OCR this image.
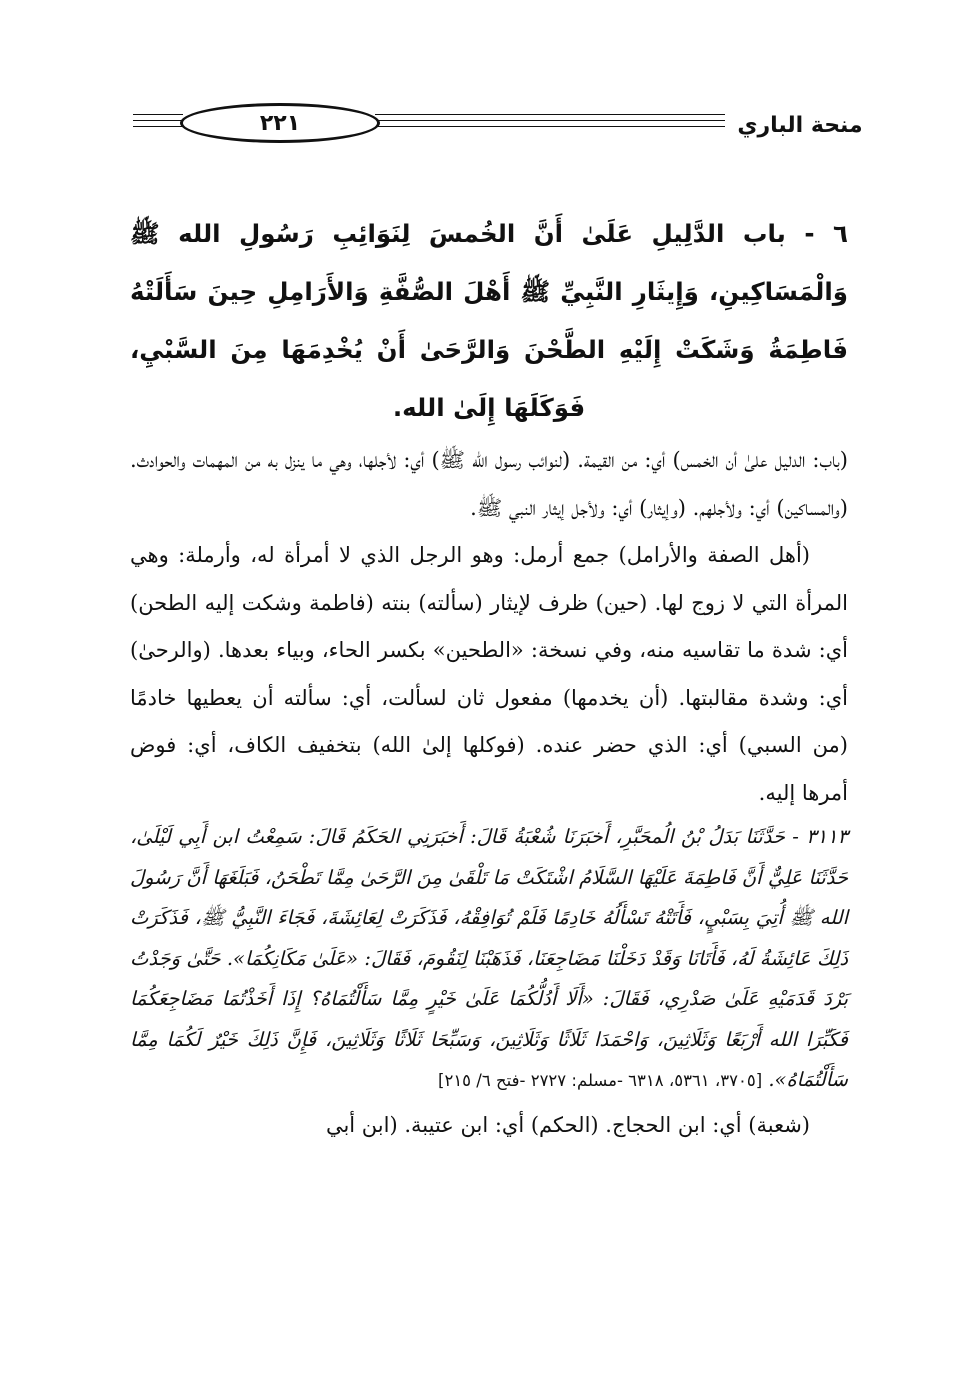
٢٢١	منحة الباري

٦ - باب الدَّلِيلِ عَلَىٰ أَنَّ الخُمسَ لِنَوَائِبِ رَسُولِ الله ﷺ وَالْمَسَاكِينِ، وَإِيثَارِ النَّبِيِّ ﷺ أَهْلَ الصُّفَّةِ وَالأَرَامِلِ حِينَ سَأَلَتْهُ فَاطِمَةُ وَشَكَتْ إِلَيْهِ الطَّحْنَ وَالرَّحَىٰ أَنْ يُخْدِمَهَا مِنَ السَّبْيِ، فَوَكَلَهَا إِلَىٰ الله.

(باب: الدليل علىٰ أن الخمس) أي: من القيمة. (لنوائب رسول الله ﷺ) أي: لأجلها، وهي ما ينزل به من المهمات والحوادث. (والمساكين) أي: ولأجلهم. (وإيثار) أي: ولأجل إيثار النبي ﷺ.

(أهل الصفة والأرامل) جمع أرمل: وهو الرجل الذي لا أمرأة له، وأرملة: وهي المرأة التي لا زوج لها. (حين) ظرف لإيثار (سألته) بنته (فاطمة وشكت إليه الطحن) أي: شدة ما تقاسيه منه، وفي نسخة: «الطحين» بكسر الحاء، وبياء بعدها. (والرحىٰ) أي: وشدة مقالبتها. (أن يخدمها) مفعول ثان لسألت، أي: سألته أن يعطيها خادمًا (من السبي) أي: الذي حضر عنده. (فوكلها إلىٰ الله) بتخفيف الكاف، أي: فوض أمرها إليه.

٣١١٣ - حَدَّثَنَا بَدَلُ بْنُ الُمحَبَّرِ، أَخبَرَنَا شُعْبَةُ قَالَ: أَخبَرَنِي الحَكَمُ قَالَ: سَمِعْتُ ابن أَبِي لَيْلَىٰ، حَدَّثَنَا عَلِيٌّ أَنَّ فَاطِمَةَ عَلَيْهَا السَّلَامُ اشْتَكَتْ مَا تَلْقَىٰ مِنَ الرَّحَىٰ مِمَّا تَطْحَنُ، فَبَلَغَهَا أَنَّ رَسُولَ الله ﷺ أُتِيَ بِسَبْيٍ، فَأَتَتْهُ تَسْأَلُهُ خَادِمًا فَلَمْ تُوَافِقْهُ، فَذَكَرَتْ لِعَائِشَةَ، فَجَاءَ النَّبِيُّ ﷺ، فَذَكَرَتْ ذَلِكَ عَائِشَةُ لَهُ، فَأَتَانَا وَقَدْ دَخَلْنَا مَضَاجِعَنَا، فَذَهَبْنَا لِنَقُومَ، فَقَالَ: «عَلَىٰ مَكَانِكُمَا». حَتَّىٰ وَجَدْتُ بَرْدَ قَدَمَيْهِ عَلَىٰ صَدْرِي، فَقَالَ: «أَلَا أَدُلُّكُمَا عَلَىٰ خَيْرٍ مِمَّا سَأَلْتُمَاهُ؟ إِذَا أَخَذْتُمَا مَضَاجِعَكُمَا فَكَبِّرَا الله أَرْبَعًا وَثَلَاثِينَ، وَاحْمَدَا ثَلَاثًا وَثَلَاثِينَ، وَسَبِّحَا ثَلَاثًا وَثَلَاثِينَ، فَإِنَّ ذَلِكَ خَيْرٌ لَكُمَا مِمَّا سَأَلْتُمَاهُ». [٣٧٠٥، ٥٣٦١، ٦٣١٨ -مسلم: ٢٧٢٧ -فتح ٦/ ٢١٥]

(شعبة) أي: ابن الحجاج. (الحكم) أي: ابن عتيبة. (ابن أبي
